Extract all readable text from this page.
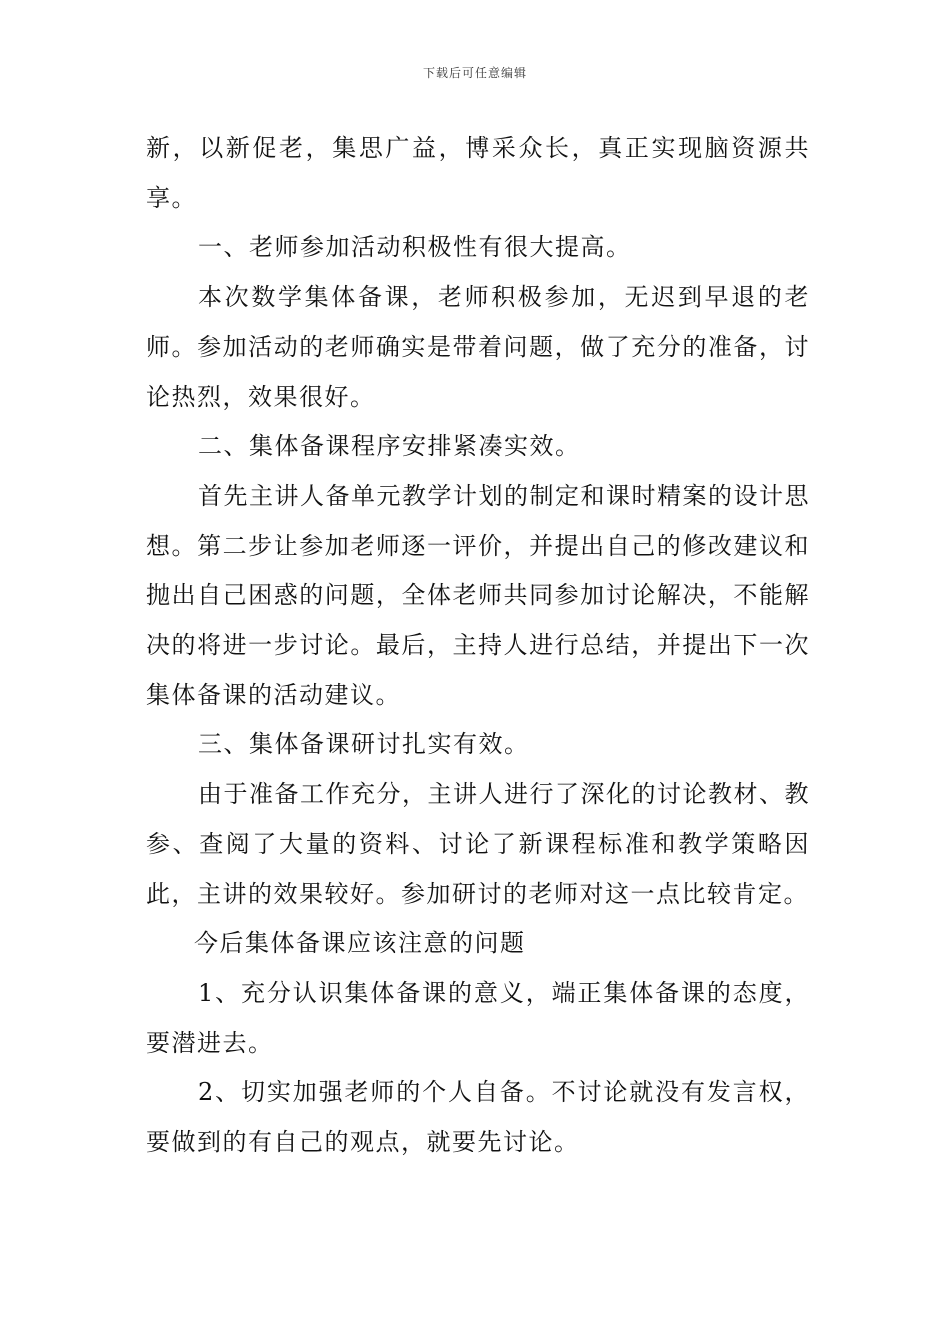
下载后可任意编辑

新，以新促老，集思广益，博采众长，真正实现脑资源共享。

一、老师参加活动积极性有很大提高。

本次数学集体备课，老师积极参加，无迟到早退的老师。参加活动的老师确实是带着问题，做了充分的准备，讨论热烈，效果很好。

二、集体备课程序安排紧凑实效。

首先主讲人备单元教学计划的制定和课时精案的设计思想。第二步让参加老师逐一评价，并提出自己的修改建议和抛出自己困惑的问题，全体老师共同参加讨论解决，不能解决的将进一步讨论。最后，主持人进行总结，并提出下一次集体备课的活动建议。

三、集体备课研讨扎实有效。

由于准备工作充分，主讲人进行了深化的讨论教材、教参、查阅了大量的资料、讨论了新课程标准和教学策略因此，主讲的效果较好。参加研讨的老师对这一点比较肯定。

今后集体备课应该注意的问题

1、充分认识集体备课的意义，端正集体备课的态度，要潜进去。

2、切实加强老师的个人自备。不讨论就没有发言权，要做到的有自己的观点，就要先讨论。
